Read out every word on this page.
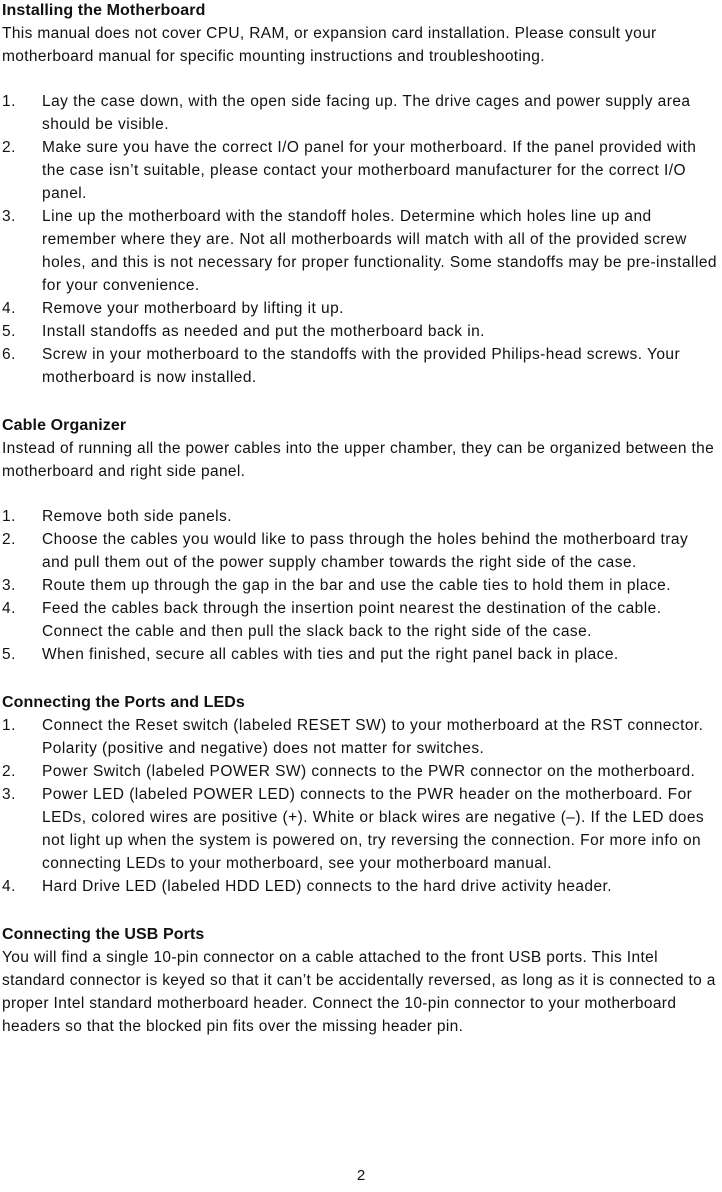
Installing the Motherboard

This manual does not cover CPU, RAM, or expansion card installation. Please consult your motherboard manual for specific mounting instructions and troubleshooting.

1.	Lay the case down, with the open side facing up. The drive cages and power supply area should be visible.
2.	Make sure you have the correct I/O panel for your motherboard. If the panel provided with the case isn’t suitable, please contact your motherboard manufacturer for the correct I/O panel.
3.	Line up the motherboard with the standoff holes. Determine which holes line up and remember where they are. Not all motherboards will match with all of the provided screw holes, and this is not necessary for proper functionality. Some standoffs may be pre-installed for your convenience.
4.	Remove your motherboard by lifting it up.
5.	Install standoffs as needed and put the motherboard back in.
6.	Screw in your motherboard to the standoffs with the provided Philips-head screws. Your motherboard is now installed.
Cable Organizer

Instead of running all the power cables into the upper chamber, they can be organized between the motherboard and right side panel.

1.	Remove both side panels.
2.	Choose the cables you would like to pass through the holes behind the motherboard tray and pull them out of the power supply chamber towards the right side of the case.
3.	Route them up through the gap in the bar and use the cable ties to hold them in place.
4.	Feed the cables back through the insertion point nearest the destination of the cable. Connect the cable and then pull the slack back to the right side of the case.
5.	When finished, secure all cables with ties and put the right panel back in place.
Connecting the Ports and LEDs
1.	Connect the Reset switch (labeled RESET SW) to your motherboard at the RST connector. Polarity (positive and negative) does not matter for switches.
2.	Power Switch (labeled POWER SW) connects to the PWR connector on the motherboard.
3.	Power LED (labeled POWER LED) connects to the PWR header on the motherboard. For LEDs, colored wires are positive (+). White or black wires are negative (–). If the LED does not light up when the system is powered on, try reversing the connection. For more info on connecting LEDs to your motherboard, see your motherboard manual.
4.	Hard Drive LED (labeled HDD LED) connects to the hard drive activity header.
Connecting the USB Ports

You will find a single 10-pin connector on a cable attached to the front USB ports. This Intel standard connector is keyed so that it can’t be accidentally reversed, as long as it is connected to a proper Intel standard motherboard header. Connect the 10-pin connector to your motherboard headers so that the blocked pin fits over the missing header pin.

2
